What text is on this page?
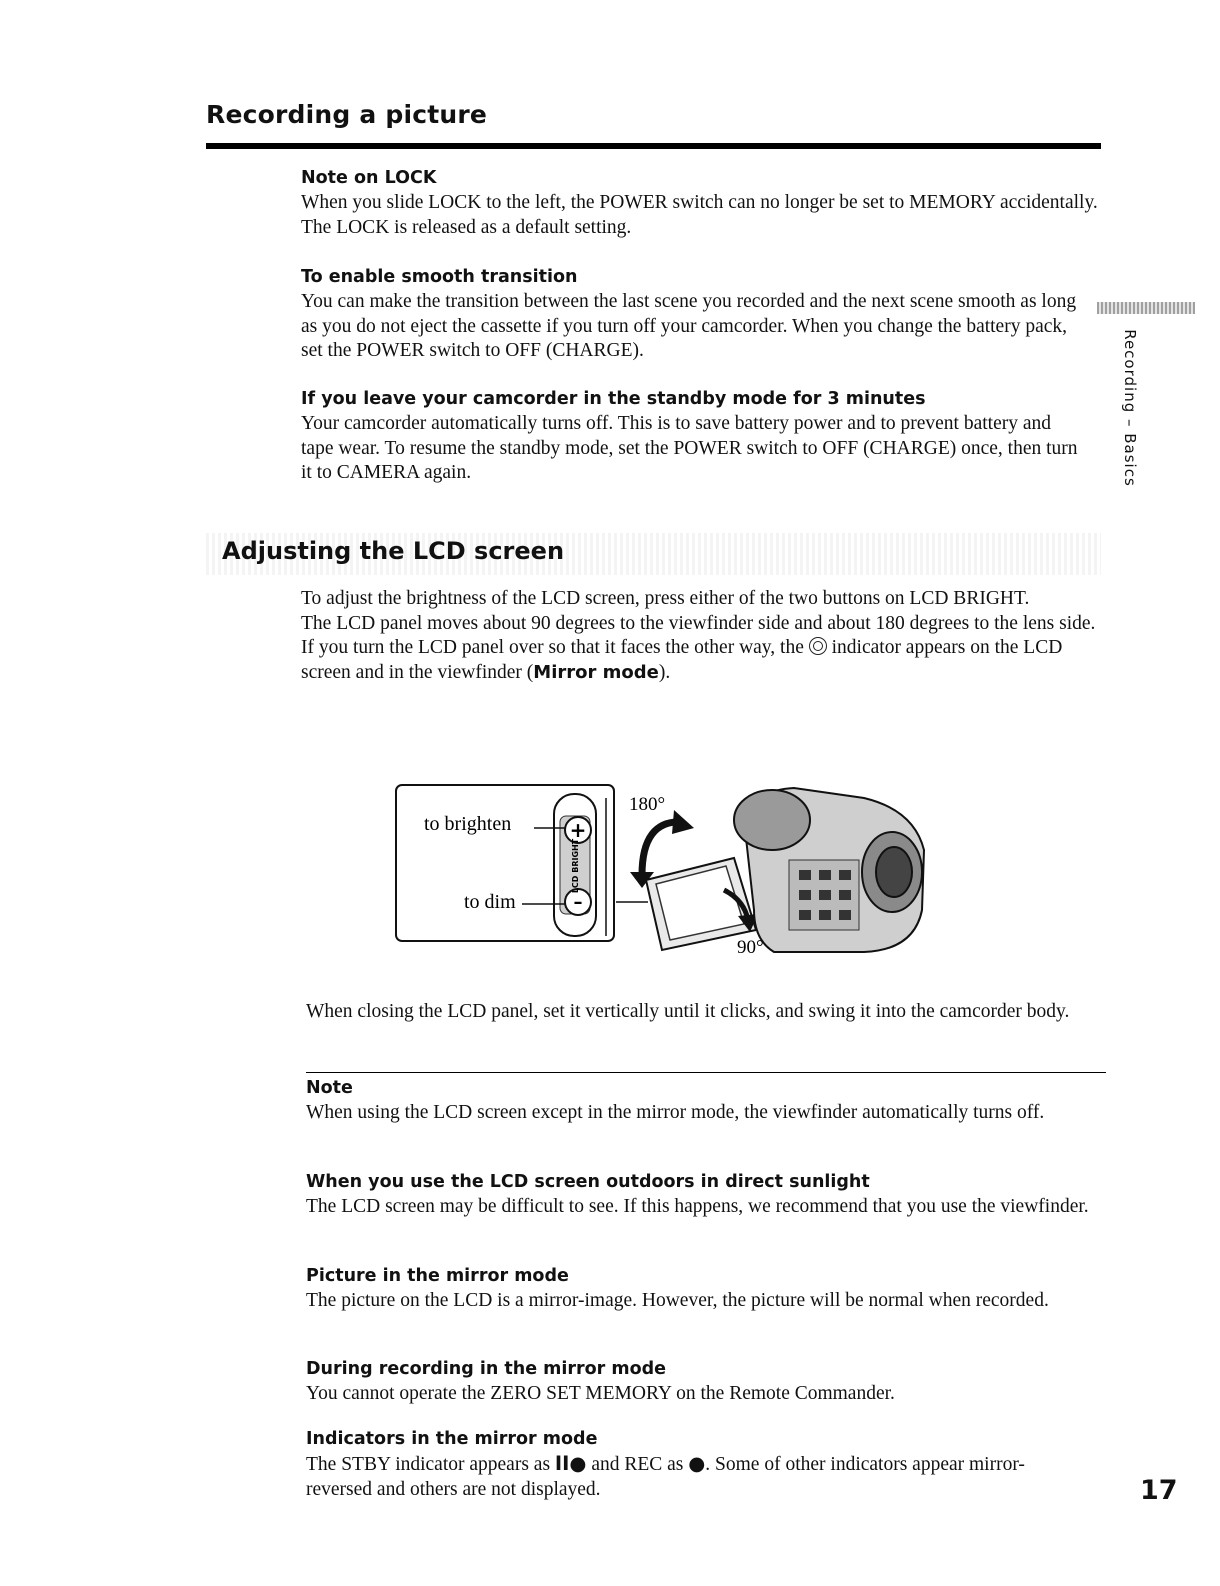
Recording a picture
Recording – Basics
Note on LOCK

When you slide LOCK to the left, the POWER switch can no longer be set to MEMORY accidentally. The LOCK is released as a default setting.

To enable smooth transition

You can make the transition between the last scene you recorded and the next scene smooth as long as you do not eject the cassette if you turn off your camcorder. When you change the battery pack, set the POWER switch to OFF (CHARGE).

If you leave your camcorder in the standby mode for 3 minutes

Your camcorder automatically turns off. This is to save battery power and to prevent battery and tape wear. To resume the standby mode, set the POWER switch to OFF (CHARGE) once, then turn it to CAMERA again.

Adjusting the LCD screen

To adjust the brightness of the LCD screen, press either of the two buttons on LCD BRIGHT.

The LCD panel moves about 90 degrees to the viewfinder side and about 180 degrees to the lens side.

If you turn the LCD panel over so that it faces the other way, the indicator appears on the LCD screen and in the viewfinder (Mirror mode).

+
–
LCD BRIGHT
to brighten
to dim
180°
90°

When closing the LCD panel, set it vertically until it clicks, and swing it into the camcorder body.

Note

When using the LCD screen except in the mirror mode, the viewfinder automatically turns off.

When you use the LCD screen outdoors in direct sunlight

The LCD screen may be difficult to see. If this happens, we recommend that you use the viewfinder.

Picture in the mirror mode

The picture on the LCD is a mirror-image. However, the picture will be normal when recorded.

During recording in the mirror mode

You cannot operate the ZERO SET MEMORY on the Remote Commander.

Indicators in the mirror mode

The STBY indicator appears as II● and REC as ●. Some of other indicators appear mirror-reversed and others are not displayed.	17
